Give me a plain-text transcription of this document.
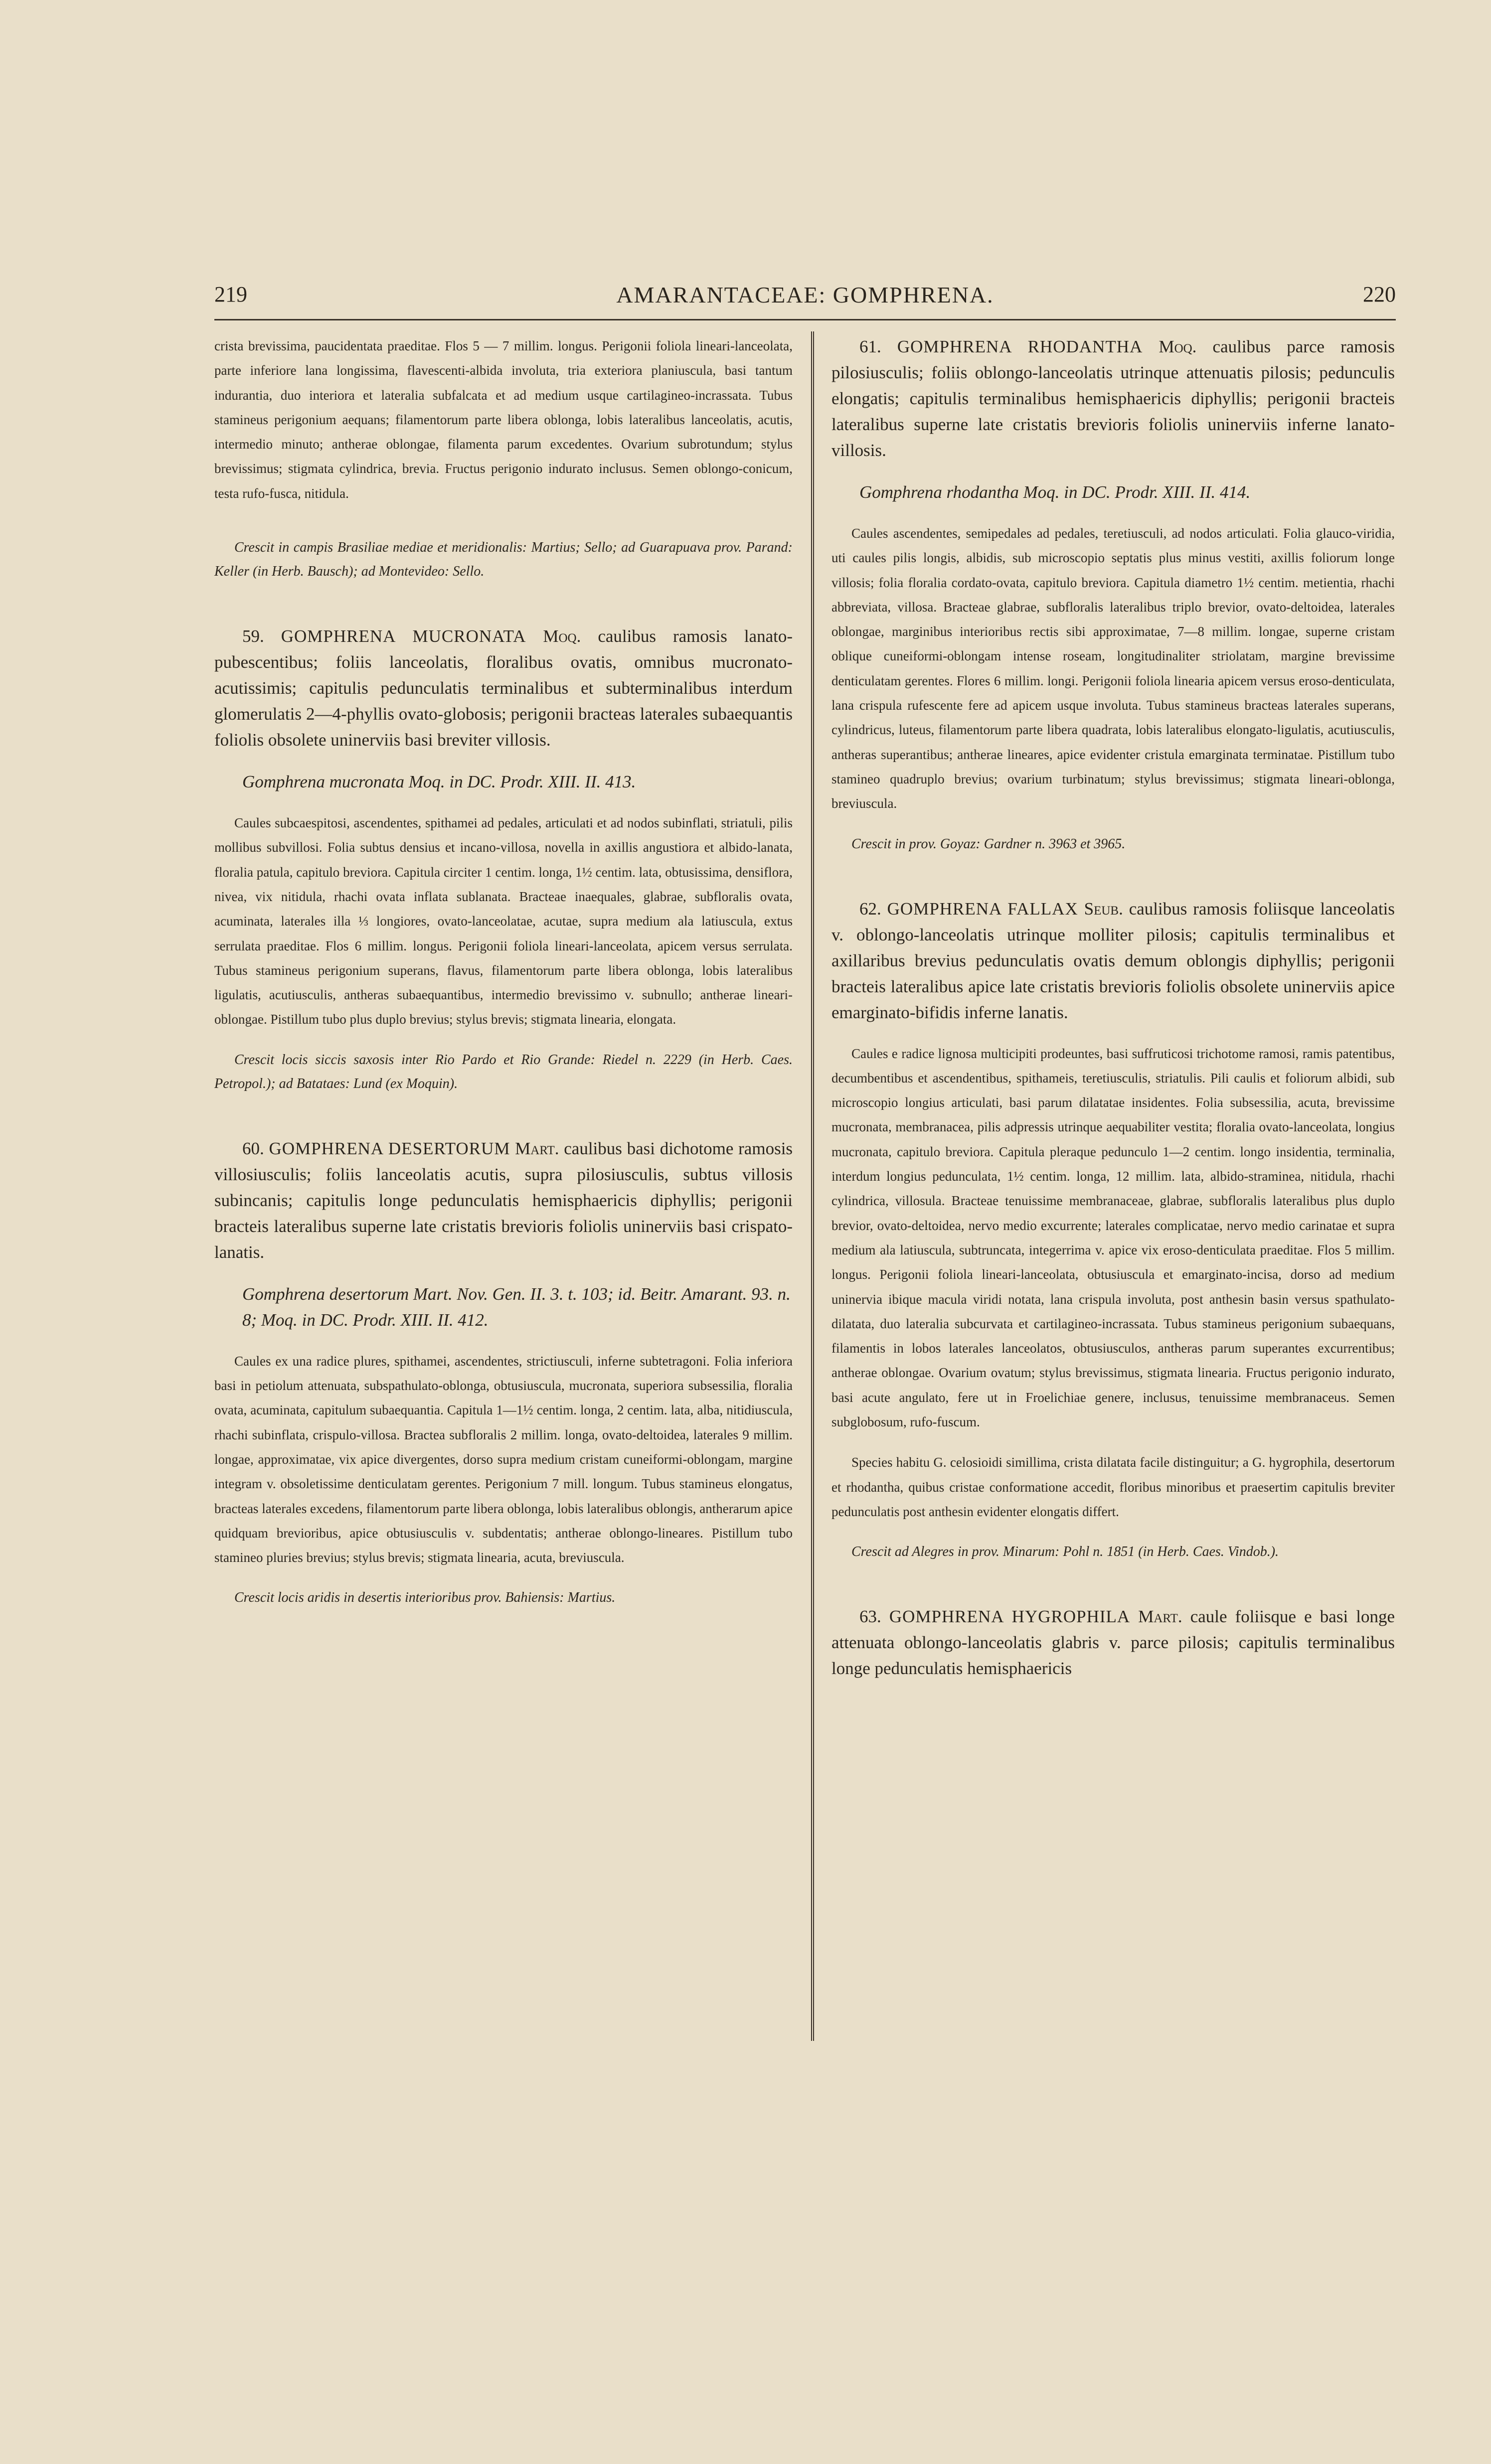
219	AMARANTACEAE: GOMPHRENA.	220

crista brevissima, paucidentata praeditae. Flos 5 — 7 millim. longus. Perigonii foliola lineari-lanceolata, parte inferiore lana longissima, flavescenti-albida involuta, tria exteriora planiuscula, basi tantum indurantia, duo interiora et lateralia subfalcata et ad medium usque cartilagineo-incrassata. Tubus stamineus perigonium aequans; filamentorum parte libera oblonga, lobis lateralibus lanceolatis, acutis, intermedio minuto; antherae oblongae, filamenta parum excedentes. Ovarium subrotundum; stylus brevissimus; stigmata cylindrica, brevia. Fructus perigonio indurato inclusus. Semen oblongo-conicum, testa rufo-fusca, nitidula.

Crescit in campis Brasiliae mediae et meridionalis: Martius; Sello; ad Guarapuava prov. Parand: Keller (in Herb. Bausch); ad Montevideo: Sello.

59. GOMPHRENA MUCRONATA Moq. caulibus ramosis lanato-pubescentibus; foliis lanceolatis, floralibus ovatis, omnibus mucronato-acutissimis; capitulis pedunculatis terminalibus et subterminalibus interdum glomerulatis 2—4-phyllis ovato-globosis; perigonii bracteas laterales subaequantis foliolis obsolete uninerviis basi breviter villosis.

Gomphrena mucronata Moq. in DC. Prodr. XIII. II. 413.

Caules subcaespitosi, ascendentes, spithamei ad pedales, articulati et ad nodos subinflati, striatuli, pilis mollibus subvillosi. Folia subtus densius et incano-villosa, novella in axillis angustiora et albido-lanata, floralia patula, capitulo breviora. Capitula circiter 1 centim. longa, 1½ centim. lata, obtusissima, densiflora, nivea, vix nitidula, rhachi ovata inflata sublanata. Bracteae inaequales, glabrae, subfloralis ovata, acuminata, laterales illa ⅓ longiores, ovato-lanceolatae, acutae, supra medium ala latiuscula, extus serrulata praeditae. Flos 6 millim. longus. Perigonii foliola lineari-lanceolata, apicem versus serrulata. Tubus stamineus perigonium superans, flavus, filamentorum parte libera oblonga, lobis lateralibus ligulatis, acutiusculis, antheras subaequantibus, intermedio brevissimo v. subnullo; antherae lineari-oblongae. Pistillum tubo plus duplo brevius; stylus brevis; stigmata linearia, elongata.

Crescit locis siccis saxosis inter Rio Pardo et Rio Grande: Riedel n. 2229 (in Herb. Caes. Petropol.); ad Batataes: Lund (ex Moquin).

60. GOMPHRENA DESERTORUM Mart. caulibus basi dichotome ramosis villosiusculis; foliis lanceolatis acutis, supra pilosiusculis, subtus villosis subincanis; capitulis longe pedunculatis hemisphaericis diphyllis; perigonii bracteis lateralibus superne late cristatis brevioris foliolis uninerviis basi crispato-lanatis.

Gomphrena desertorum Mart. Nov. Gen. II. 3. t. 103; id. Beitr. Amarant. 93. n. 8; Moq. in DC. Prodr. XIII. II. 412.

Caules ex una radice plures, spithamei, ascendentes, strictiusculi, inferne subtetragoni. Folia inferiora basi in petiolum attenuata, subspathulato-oblonga, obtusiuscula, mucronata, superiora subsessilia, floralia ovata, acuminata, capitulum subaequantia. Capitula 1—1½ centim. longa, 2 centim. lata, alba, nitidiuscula, rhachi subinflata, crispulo-villosa. Bractea subfloralis 2 millim. longa, ovato-deltoidea, laterales 9 millim. longae, approximatae, vix apice divergentes, dorso supra medium cristam cuneiformi-oblongam, margine integram v. obsoletissime denticulatam gerentes. Perigonium 7 mill. longum. Tubus stamineus elongatus, bracteas laterales excedens, filamentorum parte libera oblonga, lobis lateralibus oblongis, antherarum apice quidquam brevioribus, apice obtusiusculis v. subdentatis; antherae oblongo-lineares. Pistillum tubo stamineo pluries brevius; stylus brevis; stigmata linearia, acuta, breviuscula.

Crescit locis aridis in desertis interioribus prov. Bahiensis: Martius.

61. GOMPHRENA RHODANTHA Moq. caulibus parce ramosis pilosiusculis; foliis oblongo-lanceolatis utrinque attenuatis pilosis; pedunculis elongatis; capitulis terminalibus hemisphaericis diphyllis; perigonii bracteis lateralibus superne late cristatis brevioris foliolis uninerviis inferne lanato-villosis.

Gomphrena rhodantha Moq. in DC. Prodr. XIII. II. 414.

Caules ascendentes, semipedales ad pedales, teretiusculi, ad nodos articulati. Folia glauco-viridia, uti caules pilis longis, albidis, sub microscopio septatis plus minus vestiti, axillis foliorum longe villosis; folia floralia cordato-ovata, capitulo breviora. Capitula diametro 1½ centim. metientia, rhachi abbreviata, villosa. Bracteae glabrae, subfloralis lateralibus triplo brevior, ovato-deltoidea, laterales oblongae, marginibus interioribus rectis sibi approximatae, 7—8 millim. longae, superne cristam oblique cuneiformi-oblongam intense roseam, longitudinaliter striolatam, margine brevissime denticulatam gerentes. Flores 6 millim. longi. Perigonii foliola linearia apicem versus eroso-denticulata, lana crispula rufescente fere ad apicem usque involuta. Tubus stamineus bracteas laterales superans, cylindricus, luteus, filamentorum parte libera quadrata, lobis lateralibus elongato-ligulatis, acutiusculis, antheras superantibus; antherae lineares, apice evidenter cristula emarginata terminatae. Pistillum tubo stamineo quadruplo brevius; ovarium turbinatum; stylus brevissimus; stigmata lineari-oblonga, breviuscula.

Crescit in prov. Goyaz: Gardner n. 3963 et 3965.

62. GOMPHRENA FALLAX Seub. caulibus ramosis foliisque lanceolatis v. oblongo-lanceolatis utrinque molliter pilosis; capitulis terminalibus et axillaribus brevius pedunculatis ovatis demum oblongis diphyllis; perigonii bracteis lateralibus apice late cristatis brevioris foliolis obsolete uninerviis apice emarginato-bifidis inferne lanatis.

Caules e radice lignosa multicipiti prodeuntes, basi suffruticosi trichotome ramosi, ramis patentibus, decumbentibus et ascendentibus, spithameis, teretiusculis, striatulis. Pili caulis et foliorum albidi, sub microscopio longius articulati, basi parum dilatatae insidentes. Folia subsessilia, acuta, brevissime mucronata, membranacea, pilis adpressis utrinque aequabiliter vestita; floralia ovato-lanceolata, longius mucronata, capitulo breviora. Capitula pleraque pedunculo 1—2 centim. longo insidentia, terminalia, interdum longius pedunculata, 1½ centim. longa, 12 millim. lata, albido-straminea, nitidula, rhachi cylindrica, villosula. Bracteae tenuissime membranaceae, glabrae, subfloralis lateralibus plus duplo brevior, ovato-deltoidea, nervo medio excurrente; laterales complicatae, nervo medio carinatae et supra medium ala latiuscula, subtruncata, integerrima v. apice vix eroso-denticulata praeditae. Flos 5 millim. longus. Perigonii foliola lineari-lanceolata, obtusiuscula et emarginato-incisa, dorso ad medium uninervia ibique macula viridi notata, lana crispula involuta, post anthesin basin versus spathulato-dilatata, duo lateralia subcurvata et cartilagineo-incrassata. Tubus stamineus perigonium subaequans, filamentis in lobos laterales lanceolatos, obtusiusculos, antheras parum superantes excurrentibus; antherae oblongae. Ovarium ovatum; stylus brevissimus, stigmata linearia. Fructus perigonio indurato, basi acute angulato, fere ut in Froelichiae genere, inclusus, tenuissime membranaceus. Semen subglobosum, rufo-fuscum.

Species habitu G. celosioidi simillima, crista dilatata facile distinguitur; a G. hygrophila, desertorum et rhodantha, quibus cristae conformatione accedit, floribus minoribus et praesertim capitulis breviter pedunculatis post anthesin evidenter elongatis differt.

Crescit ad Alegres in prov. Minarum: Pohl n. 1851 (in Herb. Caes. Vindob.).

63. GOMPHRENA HYGROPHILA Mart. caule foliisque e basi longe attenuata oblongo-lanceolatis glabris v. parce pilosis; capitulis terminalibus longe pedunculatis hemisphaericis
